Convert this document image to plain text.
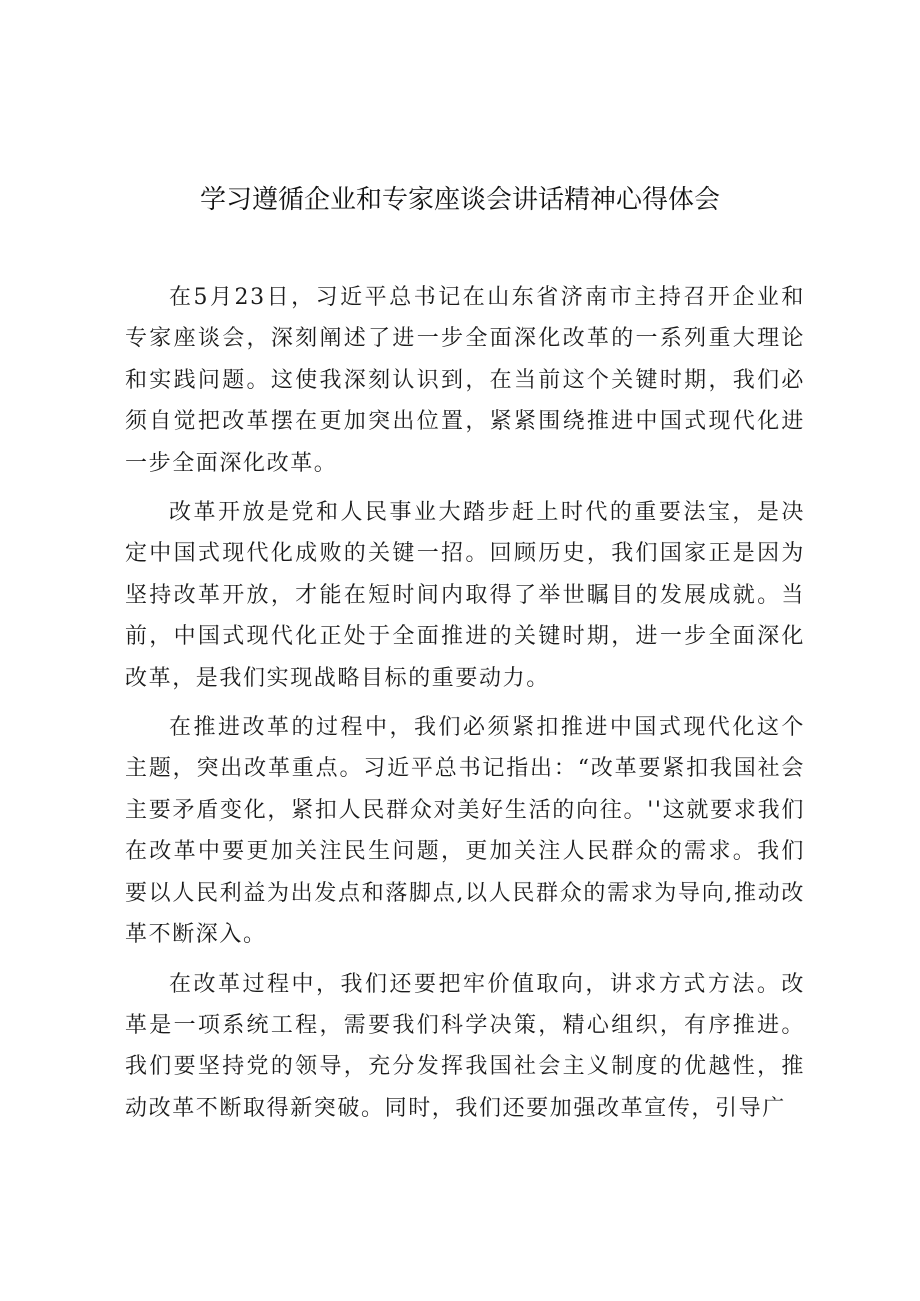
学习遵循企业和专家座谈会讲话精神心得体会

在5月23日，习近平总书记在山东省济南市主持召开企业和专家座谈会，深刻阐述了进一步全面深化改革的一系列重大理论和实践问题。这使我深刻认识到，在当前这个关键时期，我们必须自觉把改革摆在更加突出位置，紧紧围绕推进中国式现代化进一步全面深化改革。

改革开放是党和人民事业大踏步赶上时代的重要法宝，是决定中国式现代化成败的关键一招。回顾历史，我们国家正是因为坚持改革开放，才能在短时间内取得了举世瞩目的发展成就。当前，中国式现代化正处于全面推进的关键时期，进一步全面深化改革，是我们实现战略目标的重要动力。

在推进改革的过程中，我们必须紧扣推进中国式现代化这个主题，突出改革重点。习近平总书记指出：“改革要紧扣我国社会主要矛盾变化，紧扣人民群众对美好生活的向往。''这就要求我们在改革中要更加关注民生问题，更加关注人民群众的需求。我们要以人民利益为出发点和落脚点,以人民群众的需求为导向,推动改革不断深入。

在改革过程中，我们还要把牢价值取向，讲求方式方法。改革是一项系统工程，需要我们科学决策，精心组织，有序推进。我们要坚持党的领导，充分发挥我国社会主义制度的优越性，推动改革不断取得新突破。同时，我们还要加强改革宣传，引导广
